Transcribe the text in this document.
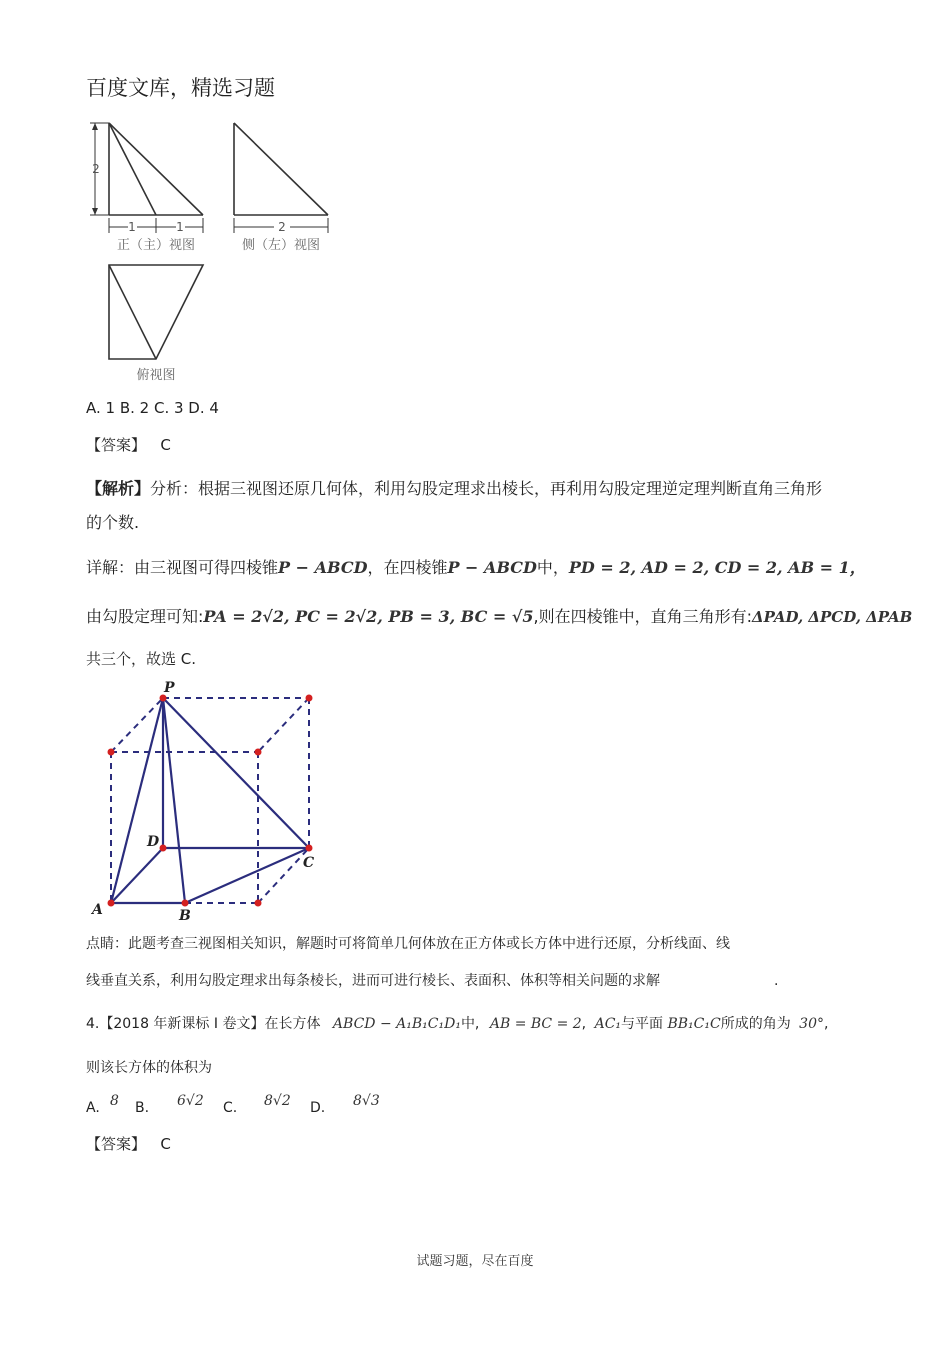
百度文库，精选习题
2
1	1	2
正（主）视图	侧（左）视图
俯视图
A. 1 B. 2 C. 3 D. 4
【答案】 C
【解析】分析：根据三视图还原几何体，利用勾股定理求出棱长，再利用勾股定理逆定理判断直角三角形
的个数.
详解：由三视图可得四棱锥P − ABCD，在四棱锥P − ABCD中，PD = 2, AD = 2, CD = 2, AB = 1，
由勾股定理可知:PA = 2√2, PC = 2√2, PB = 3, BC = √5,则在四棱锥中，直角三角形有:ΔPAD, ΔPCD, ΔPAB
共三个，故选 C.
P
D
C
A	B
点睛：此题考查三视图相关知识，解题时可将简单几何体放在正方体或长方体中进行还原，分析线面、线
线垂直关系，利用勾股定理求出每条棱长，进而可进行棱长、表面积、体积等相关问题的求解	.
4.【2018 年新课标 I 卷文】在长方体 ABCD − A₁B₁C₁D₁中, AB = BC = 2, AC₁与平面 BB₁C₁C所成的角为 30°,
则该长方体的体积为
A. 8 B. 6√2 C. 8√2 D. 8√3
【答案】 C
试题习题，尽在百度
